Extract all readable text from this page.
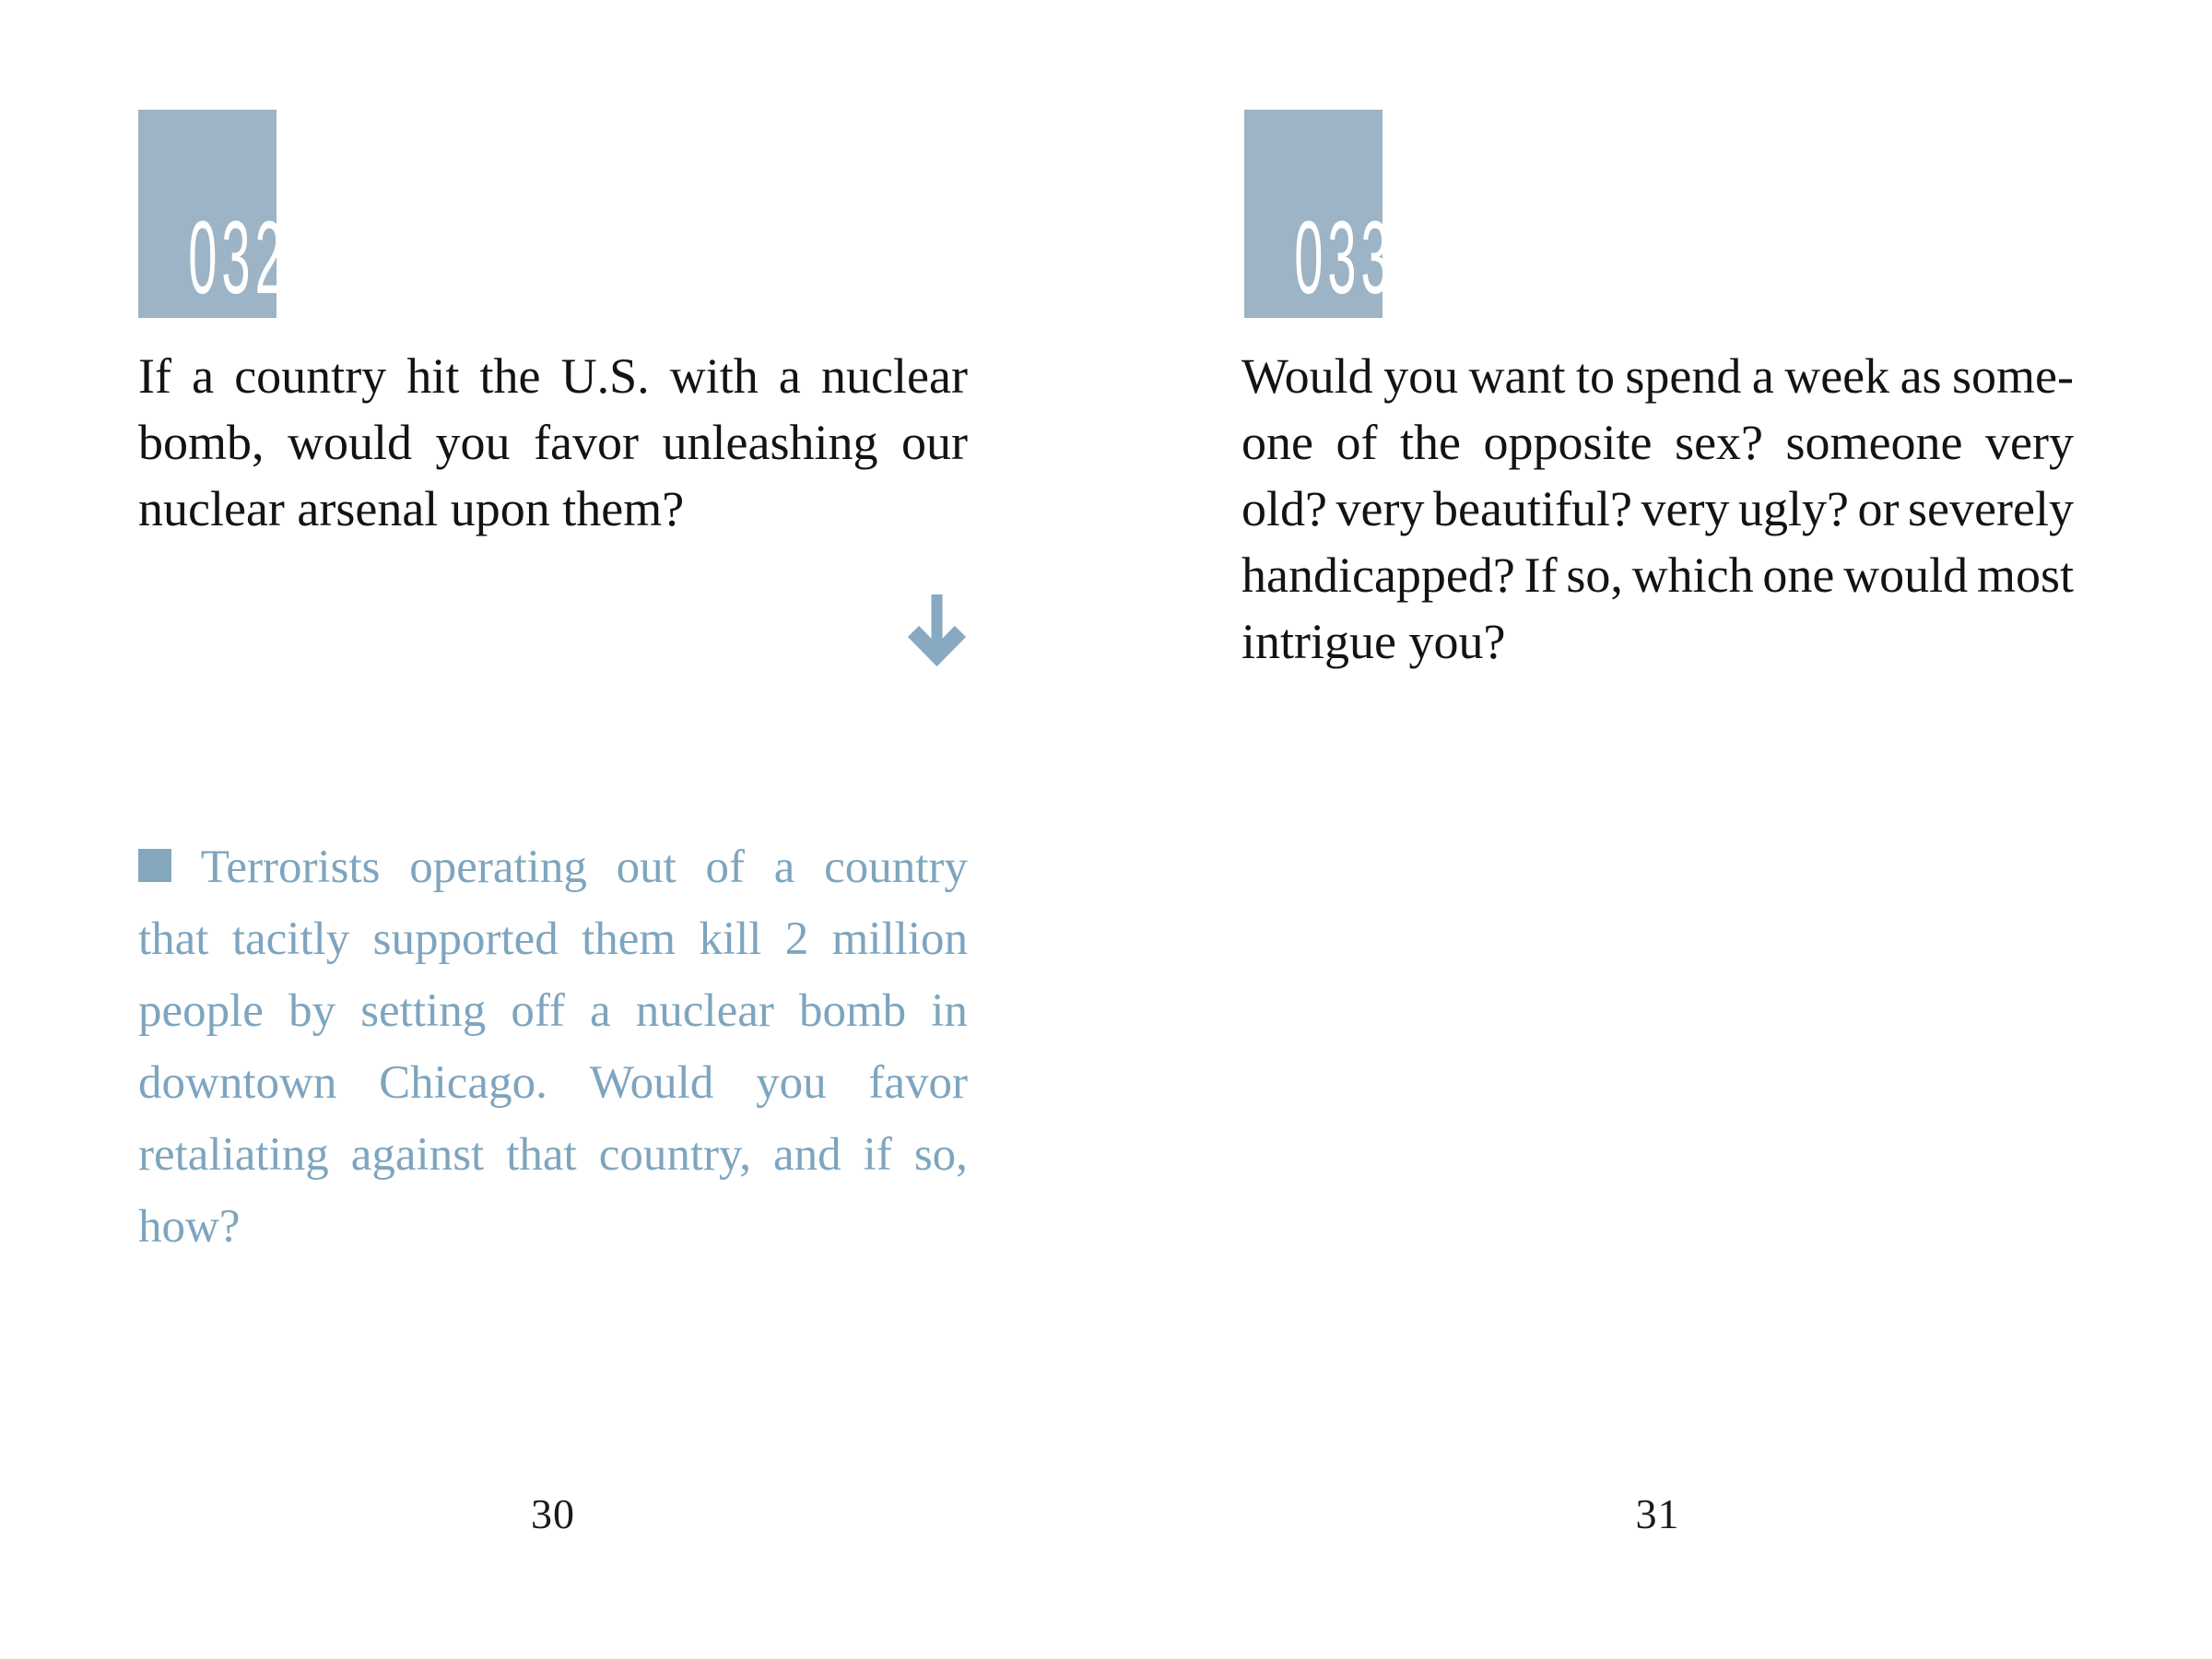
032
If a country hit the U.S. with a nuclear
bomb, would you favor unleashing our
nuclear arsenal upon them?
Terrorists operating out of a country
that tacitly supported them kill 2 million
people by setting off a nuclear bomb in
downtown Chicago. Would you favor
retaliating against that country, and if so,
how?
30
033
Would you want to spend a week as some-
one of the opposite sex? someone very
old? very beautiful? very ugly? or severely
handicapped? If so, which one would most
intrigue you?
31
